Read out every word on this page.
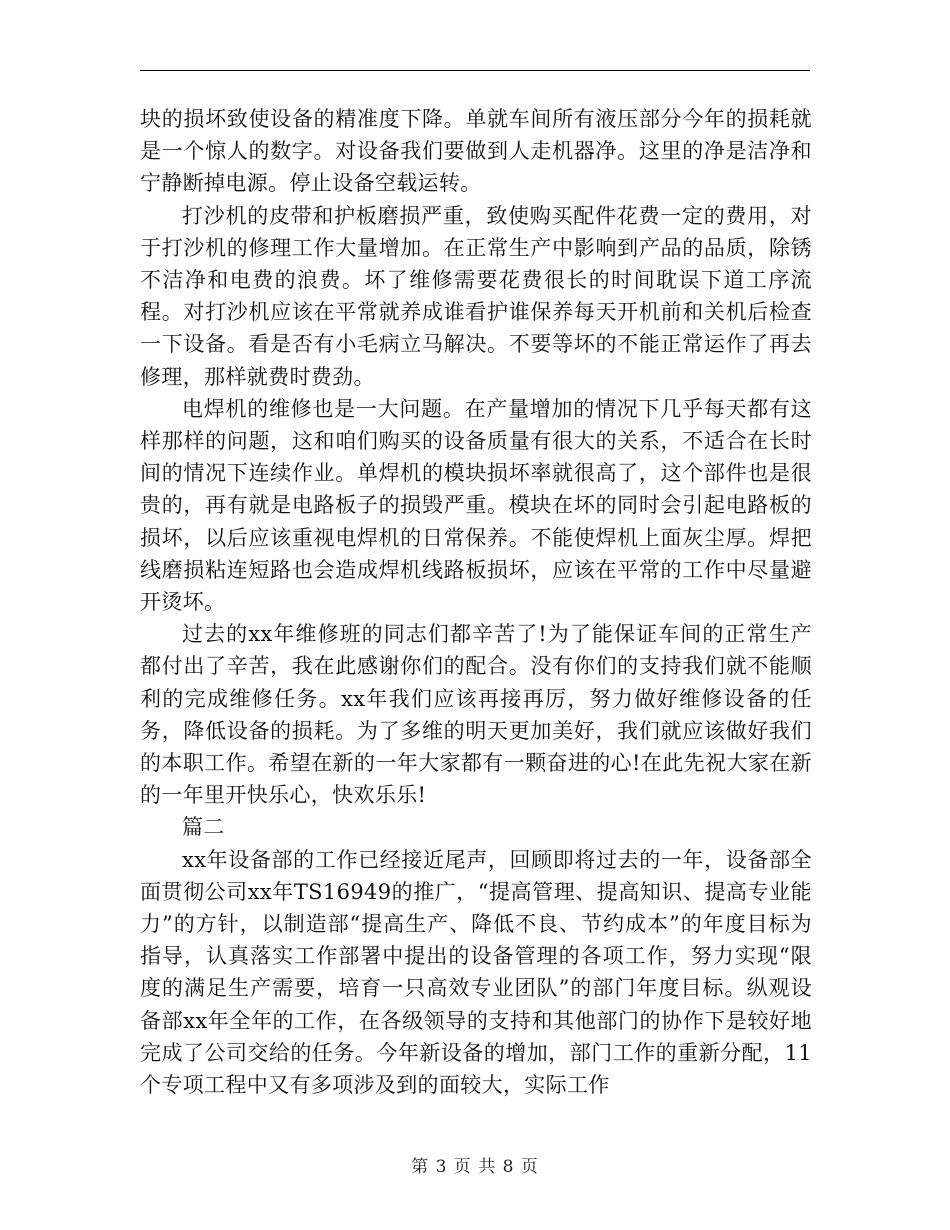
块的损坏致使设备的精准度下降。单就车间所有液压部分今年的损耗就是一个惊人的数字。对设备我们要做到人走机器净。这里的净是洁净和宁静断掉电源。停止设备空载运转。

打沙机的皮带和护板磨损严重，致使购买配件花费一定的费用，对于打沙机的修理工作大量增加。在正常生产中影响到产品的品质，除锈不洁净和电费的浪费。坏了维修需要花费很长的时间耽误下道工序流程。对打沙机应该在平常就养成谁看护谁保养每天开机前和关机后检查一下设备。看是否有小毛病立马解决。不要等坏的不能正常运作了再去修理，那样就费时费劲。

电焊机的维修也是一大问题。在产量增加的情况下几乎每天都有这样那样的问题，这和咱们购买的设备质量有很大的关系，不适合在长时间的情况下连续作业。单焊机的模块损坏率就很高了，这个部件也是很贵的，再有就是电路板子的损毁严重。模块在坏的同时会引起电路板的损坏，以后应该重视电焊机的日常保养。不能使焊机上面灰尘厚。焊把线磨损粘连短路也会造成焊机线路板损坏，应该在平常的工作中尽量避开烫坏。

过去的xx年维修班的同志们都辛苦了!为了能保证车间的正常生产都付出了辛苦，我在此感谢你们的配合。没有你们的支持我们就不能顺利的完成维修任务。xx年我们应该再接再厉，努力做好维修设备的任务，降低设备的损耗。为了多维的明天更加美好，我们就应该做好我们的本职工作。希望在新的一年大家都有一颗奋进的心!在此先祝大家在新的一年里开快乐心，快欢乐乐!

篇二

xx年设备部的工作已经接近尾声，回顾即将过去的一年，设备部全面贯彻公司xx年TS16949的推广，“提高管理、提高知识、提高专业能力”的方针，以制造部“提高生产、降低不良、节约成本”的年度目标为指导，认真落实工作部署中提出的设备管理的各项工作，努力实现“限度的满足生产需要，培育一只高效专业团队”的部门年度目标。纵观设备部xx年全年的工作，在各级领导的支持和其他部门的协作下是较好地完成了公司交给的任务。今年新设备的增加，部门工作的重新分配，11个专项工程中又有多项涉及到的面较大，实际工作

第 3 页 共 8 页
